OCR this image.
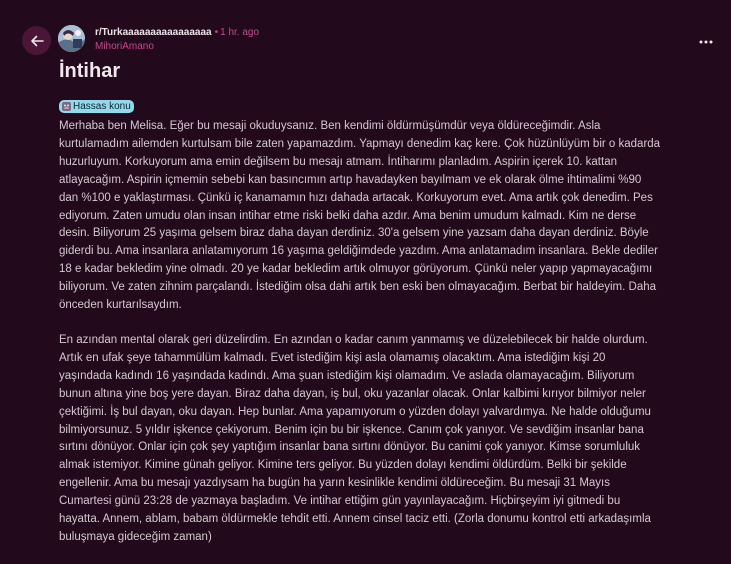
r/Turkaaaaaaaaaaaaaaaa • 1 hr. ago
MihoriAmano
İntihar
Hassas konu

Merhaba ben Melisa. Eğer bu mesaji okuduysanız. Ben kendimi öldürmüşümdür veya öldüreceğimdir. Asla
kurtulamadım ailemden kurtulsam bile zaten yapamazdım. Yapmayı denedim kaç kere. Çok hüzünlüyüm bir o kadarda
huzurluyum. Korkuyorum ama emin değilsem bu mesajı atmam. İntiharımı planladım. Aspirin içerek 10. kattan
atlayacağım. Aspirin içmemin sebebi kan basıncımın artıp havadayken bayılmam ve ek olarak ölme ihtimalimi %90
dan %100 e yaklaştırması. Çünkü iç kanamamın hızı dahada artacak. Korkuyorum evet. Ama artık çok denedim. Pes
ediyorum. Zaten umudu olan insan intihar etme riski belki daha azdır. Ama benim umudum kalmadı. Kim ne derse
desin. Biliyorum 25 yaşıma gelsem biraz daha dayan derdiniz. 30'a gelsem yine yazsam daha dayan derdiniz. Böyle
giderdi bu. Ama insanlara anlatamıyorum 16 yaşıma geldiğimdede yazdım. Ama anlatamadım insanlara. Bekle dediler
18 e kadar bekledim yine olmadı. 20 ye kadar bekledim artık olmuyor görüyorum. Çünkü neler yapıp yapmayacağımı
biliyorum. Ve zaten zihnim parçalandı. İstediğim olsa dahi artık ben eski ben olmayacağım. Berbat bir haldeyim. Daha
önceden kurtarılsaydım.

En azından mental olarak geri düzelirdim. En azından o kadar canım yanmamış ve düzelebilecek bir halde olurdum.
Artık en ufak şeye tahammülüm kalmadı. Evet istediğim kişi asla olamamış olacaktım. Ama istediğim kişi 20
yaşındada kadındı 16 yaşındada kadındı. Ama şuan istediğim kişi olamadım. Ve aslada olamayacağım. Biliyorum
bunun altına yine boş yere dayan. Biraz daha dayan, iş bul, oku yazanlar olacak. Onlar kalbimi kırıyor bilmiyor neler
çektiğimi. İş bul dayan, oku dayan. Hep bunlar. Ama yapamıyorum o yüzden dolayı yalvardımya. Ne halde olduğumu
bilmiyorsunuz. 5 yıldır işkence çekiyorum. Benim için bu bir işkence. Canım çok yanıyor. Ve sevdiğim insanlar bana
sırtını dönüyor. Onlar için çok şey yaptığım insanlar bana sırtını dönüyor. Bu canimi çok yanıyor. Kimse sorumluluk
almak istemiyor. Kimine günah geliyor. Kimine ters geliyor. Bu yüzden dolayı kendimi öldürdüm. Belki bir şekilde
engellenir. Ama bu mesajı yazdıysam ha bugün ha yarın kesinlikle kendimi öldüreceğim. Bu mesaji 31 Mayıs
Cumartesi günü 23:28 de yazmaya başladım. Ve intihar ettiğim gün yayınlayacağım. Hiçbirşeyim iyi gitmedi bu
hayatta. Annem, ablam, babam öldürmekle tehdit etti. Annem cinsel taciz etti. (Zorla donumu kontrol etti arkadaşımla
buluşmaya gideceğim zaman)
